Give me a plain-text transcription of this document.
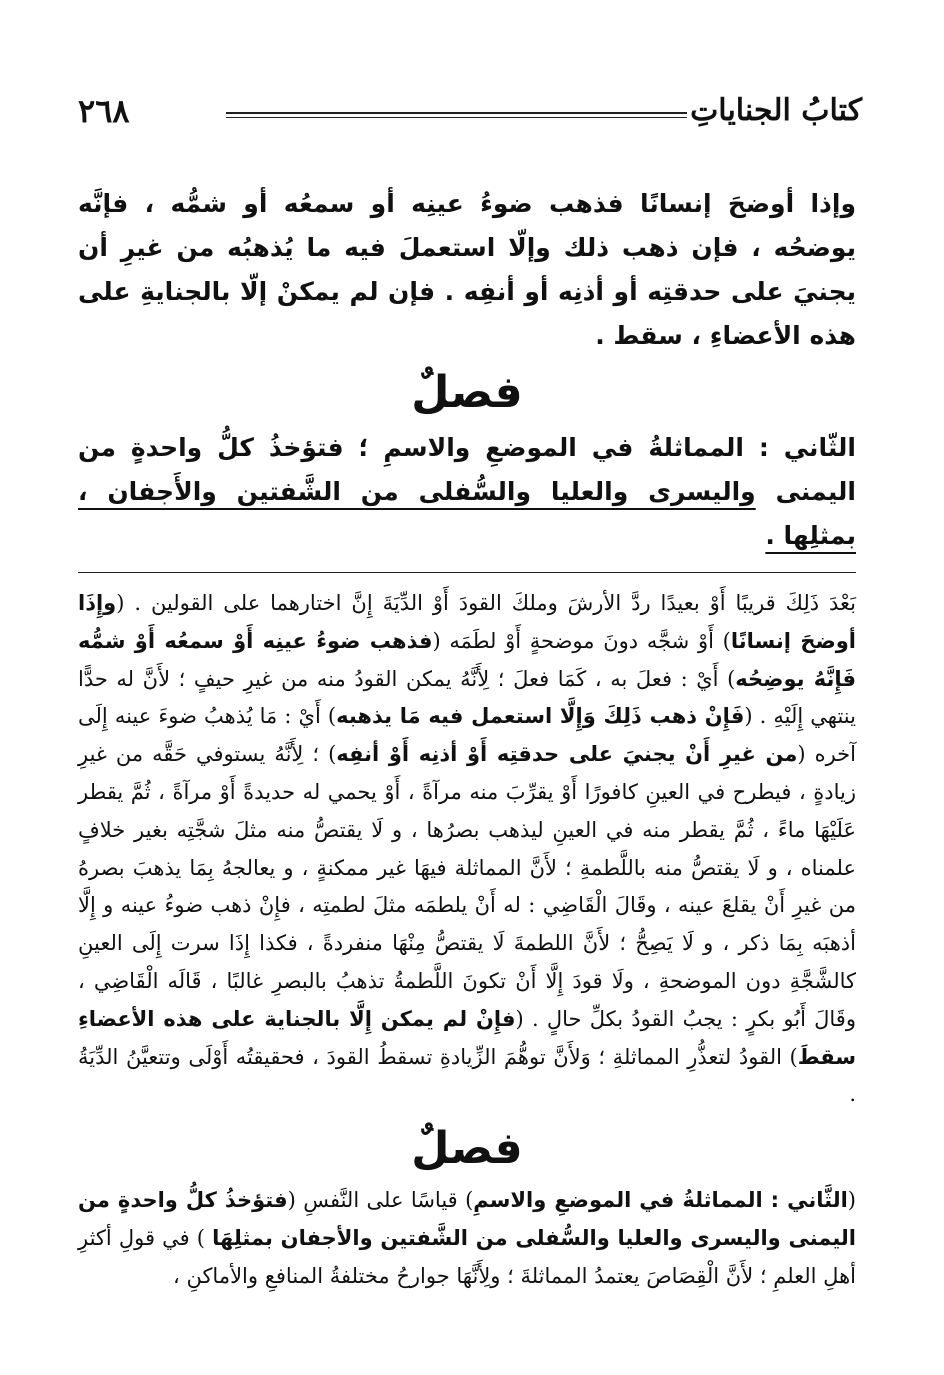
٢٦٨	كتابُ الجناياتِ

وإذا أوضحَ إنسانًا فذهب ضوءُ عينِه أو سمعُه أو شمُّه ، فإنَّه يوضحُه ، فإن ذهب ذلك وإلّا استعملَ فيه ما يُذهبُه من غيرِ أن يجنيَ على حدقتِه أو أذنِه أو أنفِه . فإن لم يمكنْ إلّا بالجنايةِ على هذه الأعضاءِ ، سقط .

فصلٌ

الثّاني : المماثلةُ في الموضعِ والاسمِ ؛ فتؤخذُ كلُّ واحدةٍ من اليمنى واليسرى والعليا والسُّفلى من الشَّفتين والأَجفان ، بمثلِها .

بَعْدَ ذَلِكَ قريبًا أَوْ بعيدًا ردَّ الأرشَ وملكَ القودَ أَوْ الدِّيَةَ إِنَّ اختارهما على القولين . (وإِذَا أوضحَ إنسانًا) أَوْ شجَّه دونَ موضحةٍ أَوْ لطَمَه (فذهب ضوءُ عينِه أَوْ سمعُه أَوْ شمُّه فَإِنَّهُ يوضِحُه) أَيْ : فعلَ به ، كَمَا فعلَ ؛ لِأَنَّهُ يمكن القودُ منه من غيرِ حيفٍ ؛ لأَنَّ له حدًّا ينتهي إِلَيْهِ . (فَإِنْ ذهب ذَلِكَ وَإِلَّا استعمل فيه مَا يذهبه) أَيْ : مَا يُذهبُ ضوءَ عينه إِلَى آخره (من غيرِ أَنْ يجنيَ على حدقتِه أَوْ أذنِه أَوْ أنفِه) ؛ لِأَنَّهُ يستوفي حَقَّه من غيرِ زيادةٍ ، فيطرح في العينِ كافورًا أَوْ يقرِّبَ منه مرآةً ، أَوْ يحمي له حديدةً أَوْ مرآةً ، ثُمَّ يقطر عَلَيْهَا ماءً ، ثُمَّ يقطر منه في العينِ ليذهب بصرُها ، و لَا يقتصُّ منه مثلَ شجَّتِه بغير خلافٍ علمناه ، و لَا يقتصُّ منه باللَّطمةِ ؛ لأَنَّ المماثلة فيهَا غير ممكنةٍ ، و يعالجهُ بِمَا يذهبَ بصرهُ من غيرِ أَنْ يقلعَ عينه ، وقَالَ الْقَاضِي : له أَنْ يلطمَه مثلَ لطمتِه ، فإِنْ ذهب ضوءُ عينه و إِلَّا أذهبَه بِمَا ذكر ، و لَا يَصِحُّ ؛ لأَنَّ اللطمةَ لَا يقتصُّ مِنْهَا منفردةً ، فكذا إِذَا سرت إِلَى العينِ كالشَّجَّةِ دون الموضحةِ ، ولَا قودَ إِلَّا أَنْ تكونَ اللَّطمةُ تذهبُ بالبصرِ غالبًا ، قَالَه الْقَاضِي ، وقَالَ أَبُو بكرٍ : يجبُ القودُ بكلِّ حالٍ . (فإِنْ لم يمكن إِلَّا بالجناية على هذه الأعضاءِ سقطَ) القودُ لتعذُّرِ المماثلةِ ؛ وَلأَنَّ توهُّمَ الزِّيادةِ تسقطُ القودَ ، فحقيقتُه أَوْلَى وتتعيَّنُ الدِّيَةُ .

فصلٌ

(الثَّاني : المماثلةُ في الموضعِ والاسمِ) قياسًا على النَّفسِ (فتؤخذُ كلُّ واحدةٍ من اليمنى واليسرى والعليا والسُّفلى من الشَّفتين والأجفان بمثلِهَا ) في قولِ أكثرِ أهلِ العلمِ ؛ لأَنَّ الْقِصَاصَ يعتمدُ المماثلةَ ؛ ولِأَنَّهَا جوارحُ مختلفةُ المنافعِ والأماكنِ ،
